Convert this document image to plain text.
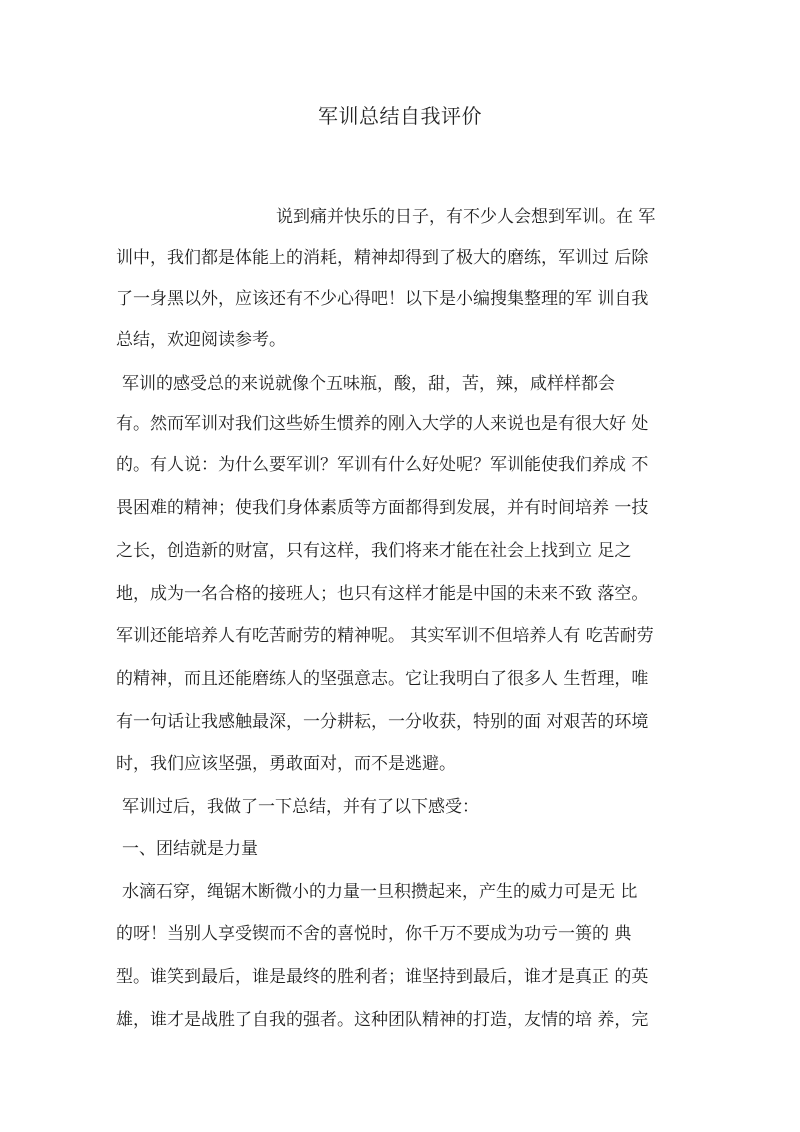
军训总结自我评价
说到痛并快乐的日子，有不少人会想到军训。在 军
训中，我们都是体能上的消耗，精神却得到了极大的磨练，军训过 后除
了一身黑以外，应该还有不少心得吧！以下是小编搜集整理的军 训自我
总结，欢迎阅读参考。
军训的感受总的来说就像个五味瓶，酸，甜，苦，辣，咸样样都会
有。然而军训对我们这些娇生惯养的刚入大学的人来说也是有很大好 处
的。有人说：为什么要军训？军训有什么好处呢？军训能使我们养成 不
畏困难的精神；使我们身体素质等方面都得到发展，并有时间培养 一技
之长，创造新的财富，只有这样，我们将来才能在社会上找到立 足之
地，成为一名合格的接班人；也只有这样才能是中国的未来不致 落空。
军训还能培养人有吃苦耐劳的精神呢。 其实军训不但培养人有 吃苦耐劳
的精神，而且还能磨练人的坚强意志。它让我明白了很多人 生哲理，唯
有一句话让我感触最深，一分耕耘，一分收获，特别的面 对艰苦的环境
时，我们应该坚强，勇敢面对，而不是逃避。
军训过后，我做了一下总结，并有了以下感受：
一、团结就是力量
水滴石穿，绳锯木断微小的力量一旦积攒起来，产生的威力可是无 比
的呀！当别人享受锲而不舍的喜悦时，你千万不要成为功亏一篑的 典
型。谁笑到最后，谁是最终的胜利者；谁坚持到最后，谁才是真正 的英
雄，谁才是战胜了自我的强者。这种团队精神的打造，友情的培 养，完
